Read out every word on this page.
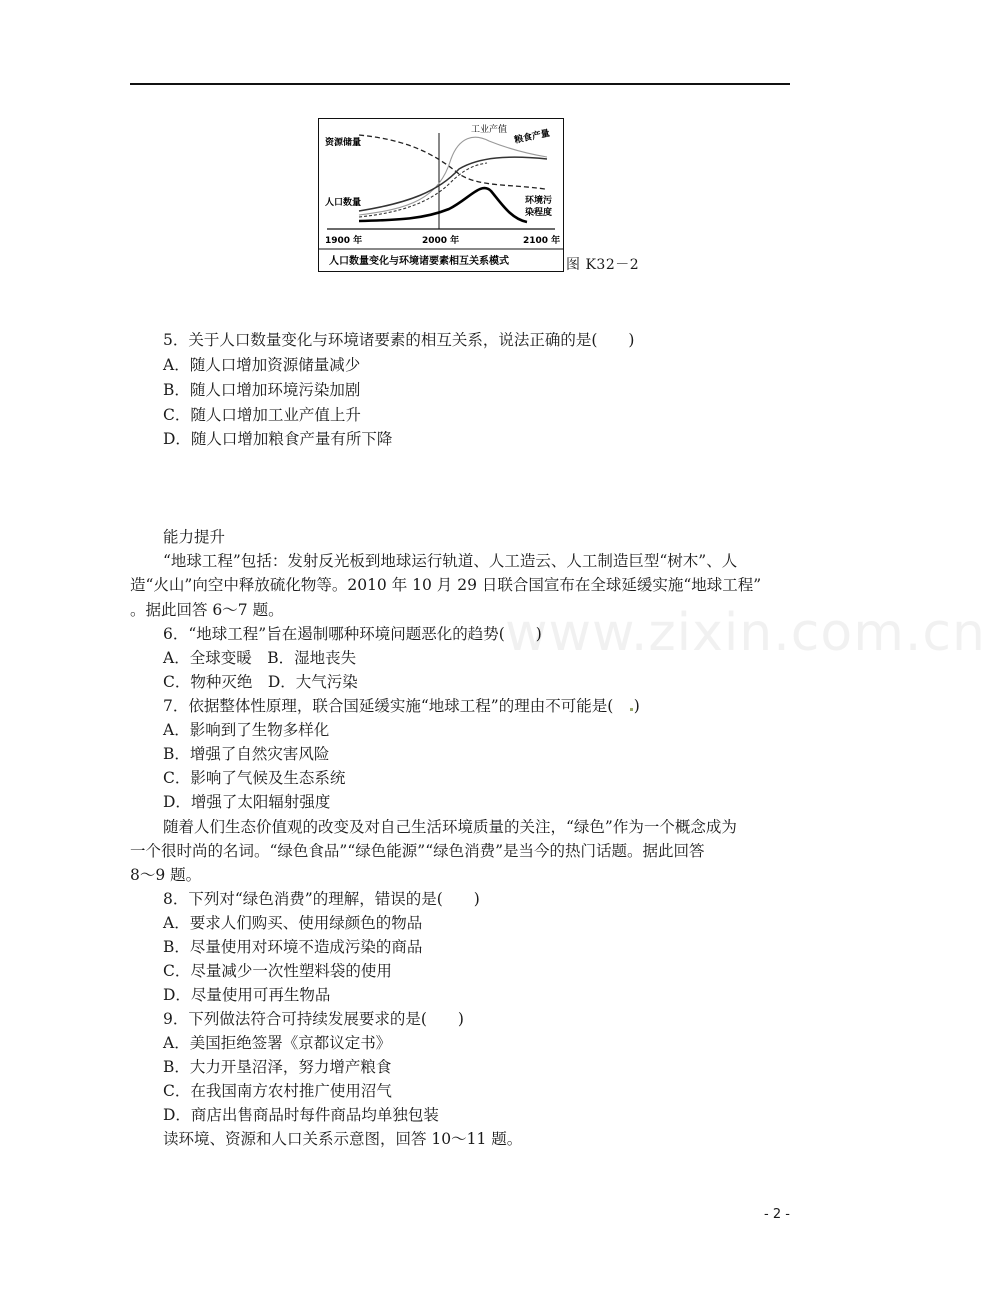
资源储量
工业产值 粮食产量
人口数量	环境污
染程度
1900 年	2000 年	2100 年
人口数量变化与环境诸要素相互关系模式	图 K32－2
5．关于人口数量变化与环境诸要素的相互关系，说法正确的是(　　)
A．随人口增加资源储量减少
B．随人口增加环境污染加剧
C．随人口增加工业产值上升
D．随人口增加粮食产量有所下降
能力提升
“地球工程”包括：发射反光板到地球运行轨道、人工造云、人工制造巨型“树木”、人
造“火山”向空中释放硫化物等。2010 年 10 月 29 日联合国宣布在全球延缓实施“地球工程”
。据此回答 6～7 题。	www.zixin.com.cn
6．“地球工程”旨在遏制哪种环境问题恶化的趋势(　　)
A．全球变暖　B．湿地丧失
C．物种灭绝　D．大气污染
7．依据整体性原理，联合国延缓实施“地球工程”的理由不可能是(　)
A．影响到了生物多样化
B．增强了自然灾害风险
C．影响了气候及生态系统
D．增强了太阳辐射强度
随着人们生态价值观的改变及对自己生活环境质量的关注，“绿色”作为一个概念成为
一个很时尚的名词。“绿色食品”“绿色能源”“绿色消费”是当今的热门话题。据此回答
8～9 题。
8．下列对“绿色消费”的理解，错误的是(　　)
A．要求人们购买、使用绿颜色的物品
B．尽量使用对环境不造成污染的商品
C．尽量减少一次性塑料袋的使用
D．尽量使用可再生物品
9．下列做法符合可持续发展要求的是(　　)
A．美国拒绝签署《京都议定书》
B．大力开垦沼泽，努力增产粮食
C．在我国南方农村推广使用沼气
D．商店出售商品时每件商品均单独包装
读环境、资源和人口关系示意图，回答 10～11 题。
- 2 -
